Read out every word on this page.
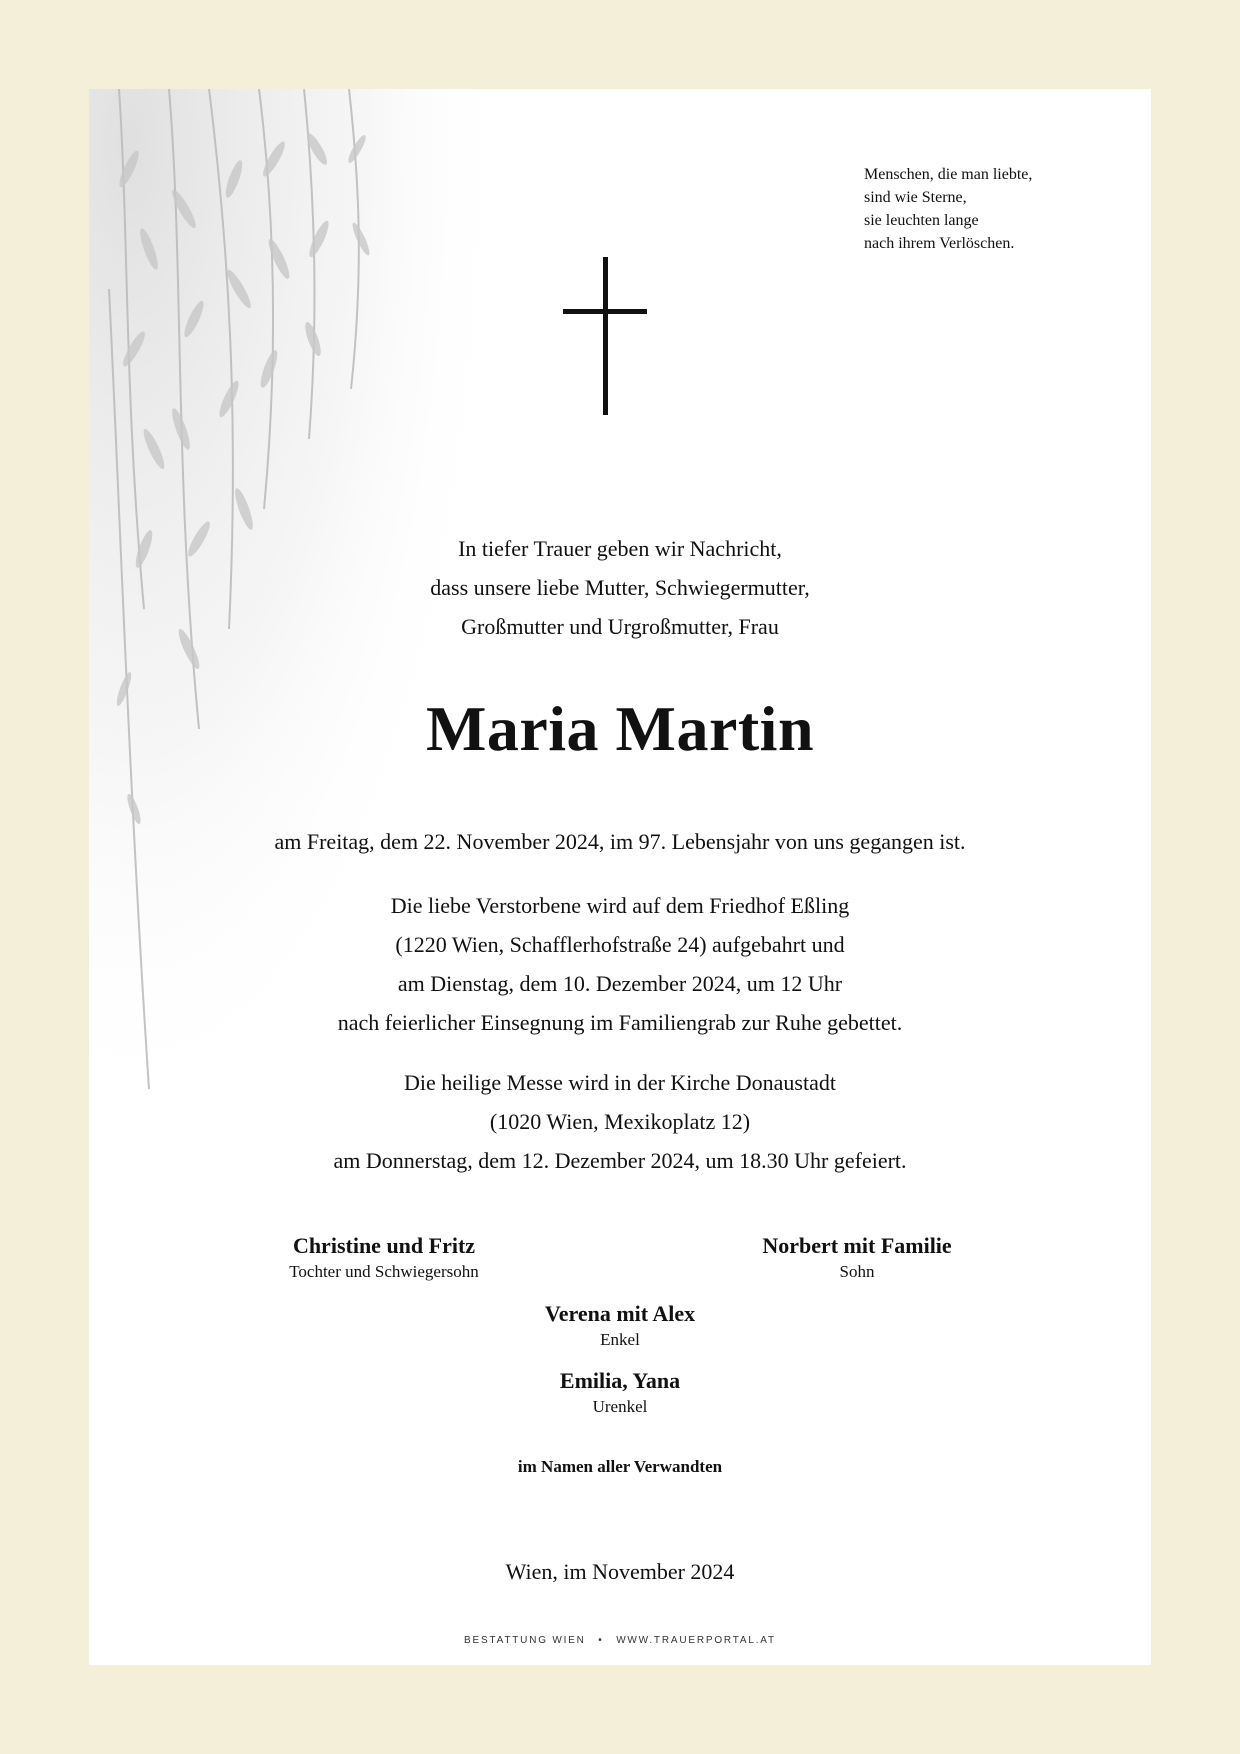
Menschen, die man liebte,
sind wie Sterne,
sie leuchten lange
nach ihrem Verlöschen.
In tiefer Trauer geben wir Nachricht,
dass unsere liebe Mutter, Schwiegermutter,
Großmutter und Urgroßmutter, Frau
Maria Martin
am Freitag, dem 22. November 2024, im 97. Lebensjahr von uns gegangen ist.
Die liebe Verstorbene wird auf dem Friedhof Eßling
(1220 Wien, Schafflerhofstraße 24) aufgebahrt und
am Dienstag, dem 10. Dezember 2024, um 12 Uhr
nach feierlicher Einsegnung im Familiengrab zur Ruhe gebettet.
Die heilige Messe wird in der Kirche Donaustadt
(1020 Wien, Mexikoplatz 12)
am Donnerstag, dem 12. Dezember 2024, um 18.30 Uhr gefeiert.
Christine und Fritz
Tochter und Schwiegersohn
Norbert mit Familie
Sohn
Verena mit Alex
Enkel
Emilia, Yana
Urenkel
im Namen aller Verwandten
Wien, im November 2024
BESTATTUNG WIEN • WWW.TRAUERPORTAL.AT
